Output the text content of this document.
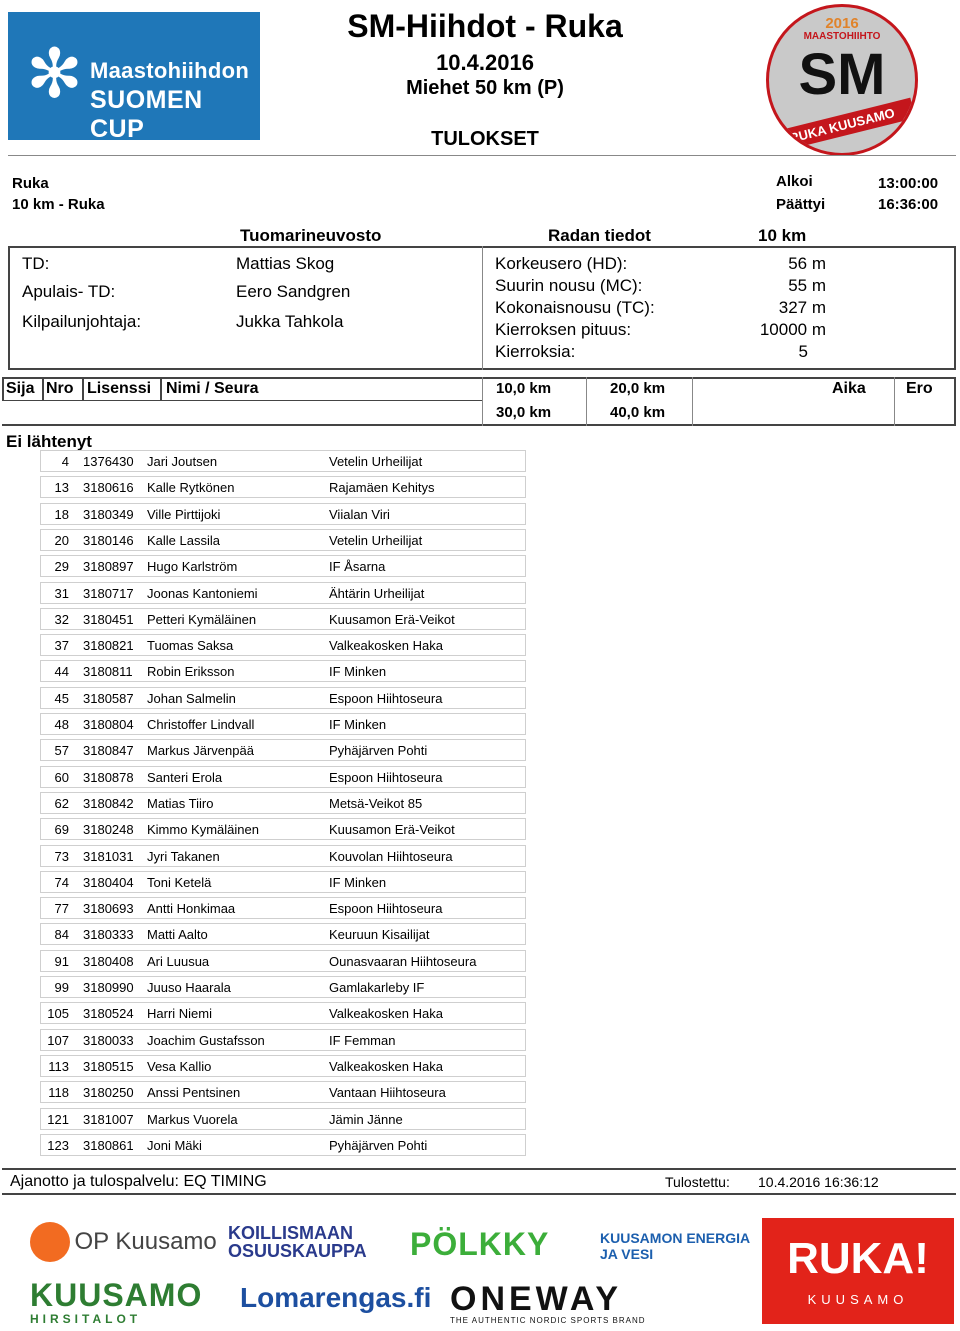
✻ Maastohiihdon
SUOMEN CUP
2016
MAASTOHIIHTO
SM
RUKA KUUSAMO
SM-Hiihdot - Ruka
10.4.2016
Miehet 50 km (P)
TULOKSET
Ruka
10 km - Ruka
Alkoi	13:00:00
Päättyi	16:36:00
Tuomarineuvosto	Radan tiedot	10 km
TD:	Mattias Skog
Apulais- TD:	Eero Sandgren
Kilpailunjohtaja:	Jukka Tahkola
Korkeusero (HD):	56 m
Suurin nousu (MC):	55 m
Kokonaisnousu (TC):	327 m
Kierroksen pituus:	10000 m
Kierroksia:	5
Sija Nro Lisenssi Nimi / Seura	10,0 km	20,0 km
30,0 km	40,0 km
Aika	Ero
Ei lähtenyt
4 1376430 Jari Joutsen	Vetelin Urheilijat
13 3180616 Kalle Rytkönen	Rajamäen Kehitys
18 3180349 Ville Pirttijoki	Viialan Viri
20 3180146 Kalle Lassila	Vetelin Urheilijat
29 3180897 Hugo Karlström	IF Åsarna
31 3180717 Joonas Kantoniemi	Ähtärin Urheilijat
32 3180451 Petteri Kymäläinen	Kuusamon Erä-Veikot
37 3180821 Tuomas Saksa	Valkeakosken Haka
44 3180811 Robin Eriksson	IF Minken
45 3180587 Johan Salmelin	Espoon Hiihtoseura
48 3180804 Christoffer Lindvall	IF Minken
57 3180847 Markus Järvenpää	Pyhäjärven Pohti
60 3180878 Santeri Erola	Espoon Hiihtoseura
62 3180842 Matias Tiiro	Metsä-Veikot 85
69 3180248 Kimmo Kymäläinen	Kuusamon Erä-Veikot
73 3181031 Jyri Takanen	Kouvolan Hiihtoseura
74 3180404 Toni Ketelä	IF Minken
77 3180693 Antti Honkimaa	Espoon Hiihtoseura
84 3180333 Matti Aalto	Keuruun Kisailijat
91 3180408 Ari Luusua	Ounasvaaran Hiihtoseura
99 3180990 Juuso Haarala	Gamlakarleby IF
105 3180524 Harri Niemi	Valkeakosken Haka
107 3180033 Joachim Gustafsson	IF Femman
113 3180515 Vesa Kallio	Valkeakosken Haka
118 3180250 Anssi Pentsinen	Vantaan Hiihtoseura
121 3181007 Markus Vuorela	Jämin Jänne
123 3180861 Joni Mäki	Pyhäjärven Pohti
Ajanotto ja tulospalvelu: EQ TIMING	Tulostettu: 10.4.2016 16:36:12
OP Kuusamo KOILLISMAAN OSUUSKAUPPA	PÖLKKY	KUUSAMON ENERGIA JA VESI	RUKA!
KUUSAMO
KUUSAMO
HIRSITALOT
Lomarengas.fi ONEWAY
THE AUTHENTIC NORDIC SPORTS BRAND
